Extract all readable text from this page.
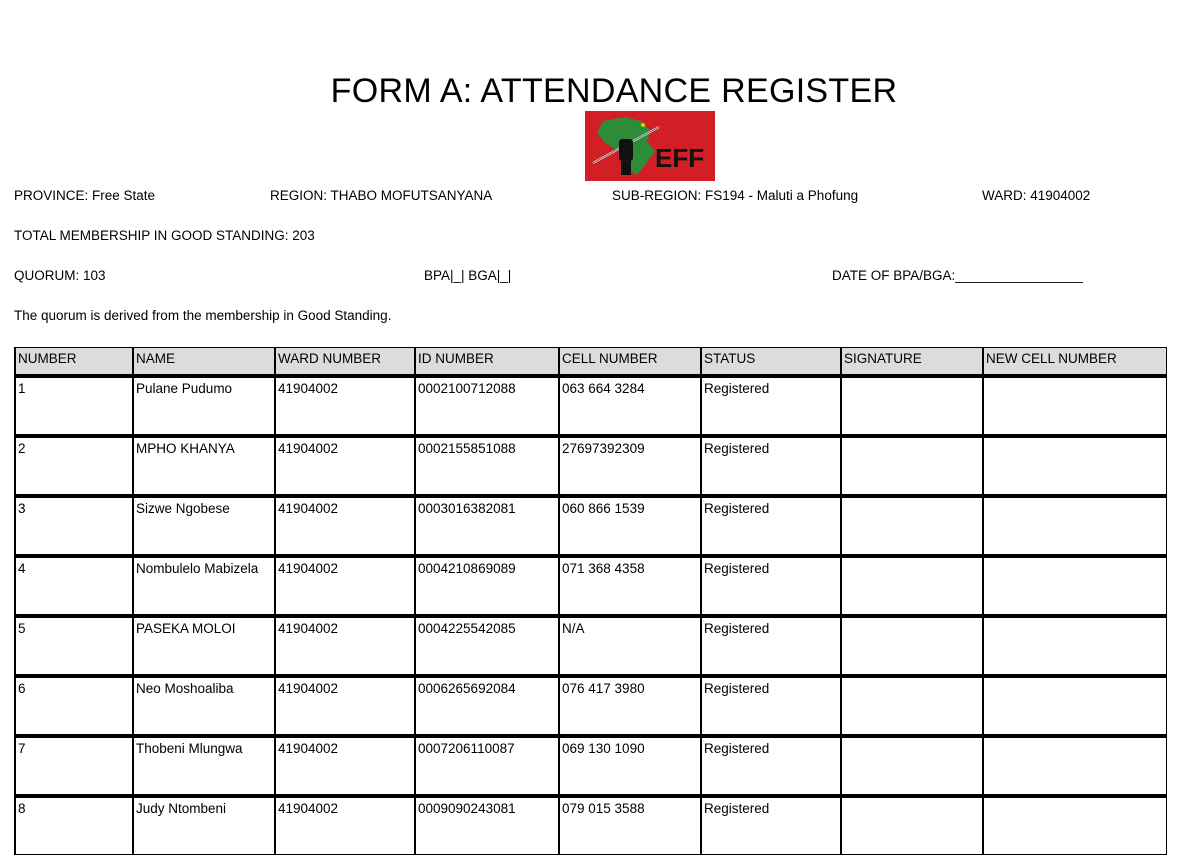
FORM A: ATTENDANCE REGISTER
EFF
PROVINCE: Free State	REGION: THABO MOFUTSANYANA	SUB-REGION: FS194 - Maluti a Phofung	WARD: 41904002
TOTAL MEMBERSHIP IN GOOD STANDING: 203
QUORUM: 103	BPA|_| BGA|_|	DATE OF BPA/BGA:_________________
The quorum is derived from the membership in Good Standing.
NUMBER	NAME	WARD NUMBER	ID NUMBER	CELL NUMBER	STATUS	SIGNATURE	NEW CELL NUMBER
1	Pulane Pudumo	41904002	0002100712088	063 664 3284	Registered		
2	MPHO KHANYA	41904002	0002155851088	27697392309	Registered		
3	Sizwe Ngobese	41904002	0003016382081	060 866 1539	Registered		
4	Nombulelo Mabizela	41904002	0004210869089	071 368 4358	Registered		
5	PASEKA MOLOI	41904002	0004225542085	N/A	Registered		
6	Neo Moshoaliba	41904002	0006265692084	076 417 3980	Registered		
7	Thobeni Mlungwa	41904002	0007206110087	069 130 1090	Registered		
8	Judy Ntombeni	41904002	0009090243081	079 015 3588	Registered		
